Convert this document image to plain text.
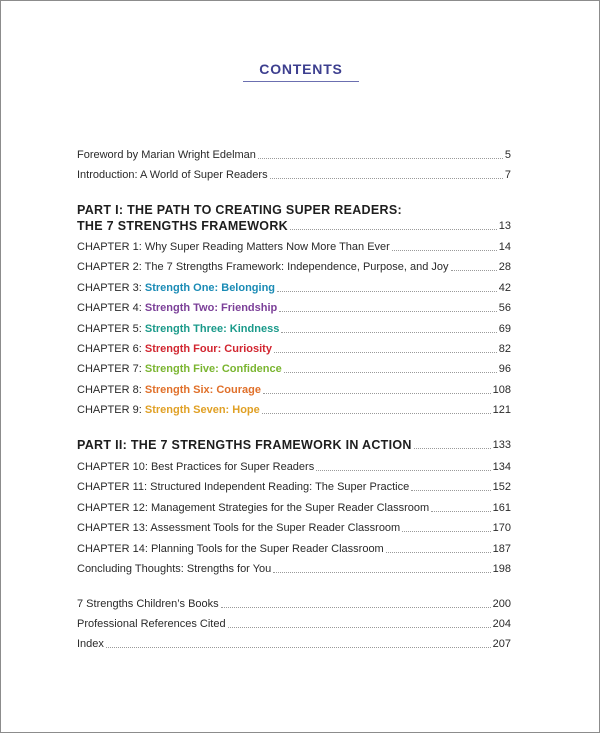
CONTENTS
Foreword by Marian Wright Edelman	5
Introduction: A World of Super Readers	7
PART I: THE PATH TO CREATING SUPER READERS:
THE 7 STRENGTHS FRAMEWORK	13
CHAPTER 1: Why Super Reading Matters Now More Than Ever	14
CHAPTER 2: The 7 Strengths Framework: Independence, Purpose, and Joy	28
CHAPTER 3: Strength One: Belonging	42
CHAPTER 4: Strength Two: Friendship	56
CHAPTER 5: Strength Three: Kindness	69
CHAPTER 6: Strength Four: Curiosity	82
CHAPTER 7: Strength Five: Confidence	96
CHAPTER 8: Strength Six: Courage	108
CHAPTER 9: Strength Seven: Hope	121
PART II: THE 7 STRENGTHS FRAMEWORK IN ACTION	133
CHAPTER 10: Best Practices for Super Readers	134
CHAPTER 11: Structured Independent Reading: The Super Practice	152
CHAPTER 12: Management Strategies for the Super Reader Classroom	161
CHAPTER 13: Assessment Tools for the Super Reader Classroom	170
CHAPTER 14: Planning Tools for the Super Reader Classroom	187
Concluding Thoughts: Strengths for You	198
7 Strengths Children’s Books	200
Professional References Cited	204
Index	207
